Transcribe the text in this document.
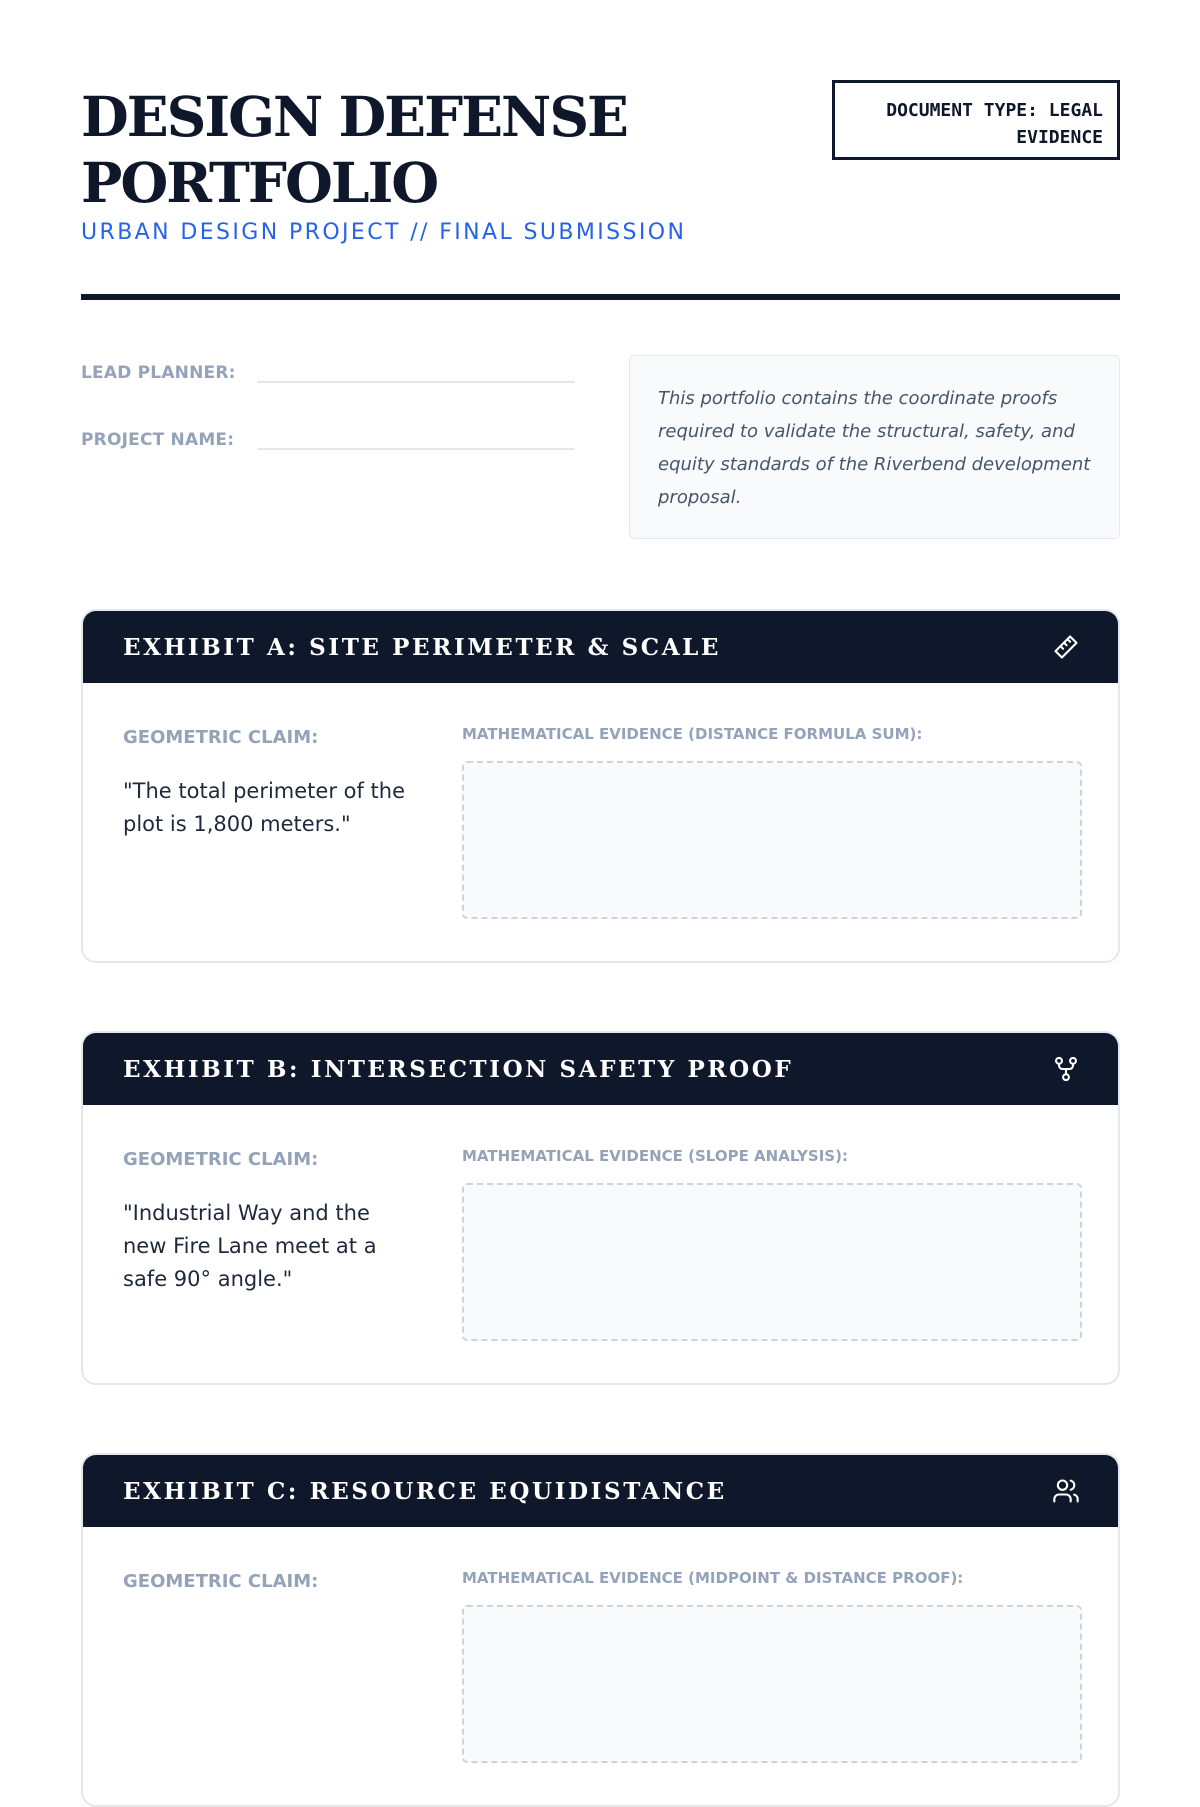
DESIGN DEFENSE
PORTFOLIO
URBAN DESIGN PROJECT // FINAL SUBMISSION
DOCUMENT TYPE: LEGAL
EVIDENCE
LEAD PLANNER:
PROJECT NAME:
This portfolio contains the coordinate proofs required to validate the structural, safety, and equity standards of the Riverbend development proposal.
EXHIBIT A: SITE PERIMETER & SCALE
GEOMETRIC CLAIM:
"The total perimeter of the plot is 1,800 meters."
MATHEMATICAL EVIDENCE (DISTANCE FORMULA SUM):
EXHIBIT B: INTERSECTION SAFETY PROOF
GEOMETRIC CLAIM:
"Industrial Way and the new Fire Lane meet at a safe 90° angle."
MATHEMATICAL EVIDENCE (SLOPE ANALYSIS):
EXHIBIT C: RESOURCE EQUIDISTANCE
GEOMETRIC CLAIM:	MATHEMATICAL EVIDENCE (MIDPOINT & DISTANCE PROOF):
